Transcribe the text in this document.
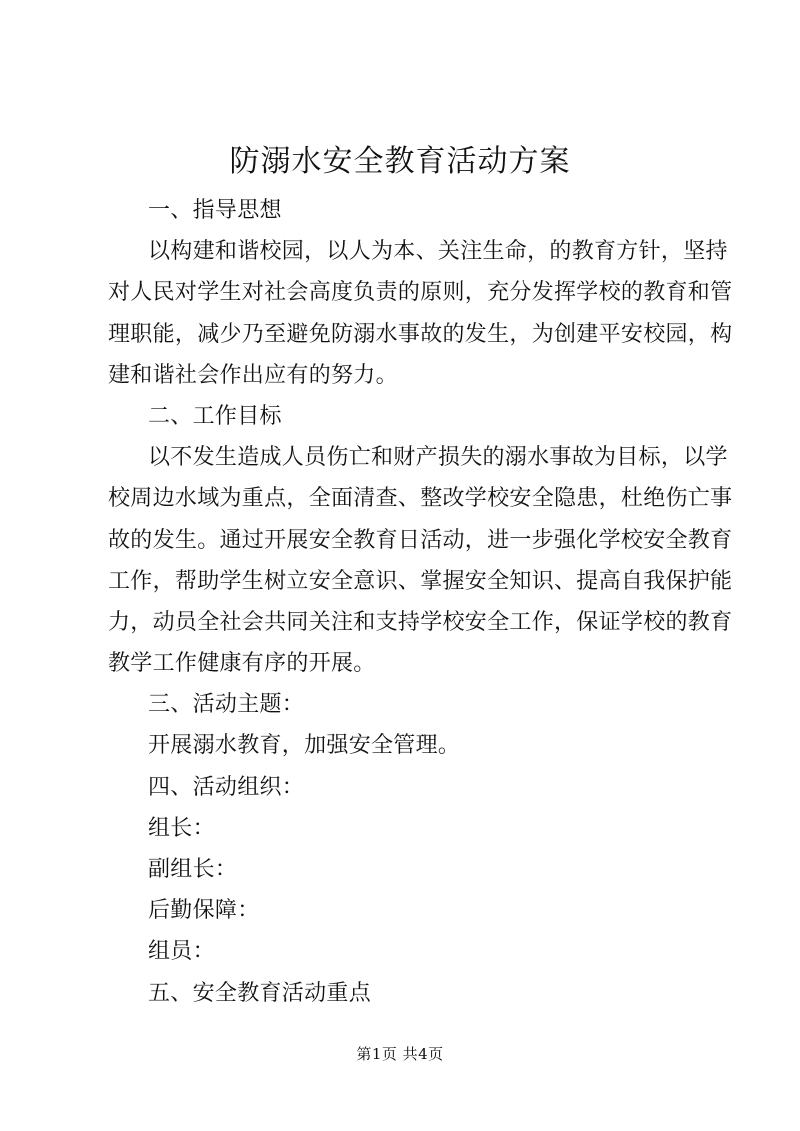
防溺水安全教育活动方案
一、指导思想
以构建和谐校园，以人为本、关注生命，的教育方针，坚持
对人民对学生对社会高度负责的原则，充分发挥学校的教育和管
理职能，减少乃至避免防溺水事故的发生，为创建平安校园，构
建和谐社会作出应有的努力。
二、工作目标
以不发生造成人员伤亡和财产损失的溺水事故为目标，以学
校周边水域为重点，全面清查、整改学校安全隐患，杜绝伤亡事
故的发生。通过开展安全教育日活动，进一步强化学校安全教育
工作，帮助学生树立安全意识、掌握安全知识、提高自我保护能
力，动员全社会共同关注和支持学校安全工作，保证学校的教育
教学工作健康有序的开展。
三、活动主题：
开展溺水教育，加强安全管理。
四、活动组织：
组长：
副组长：
后勤保障：
组员：
五、安全教育活动重点
第1页 共4页
